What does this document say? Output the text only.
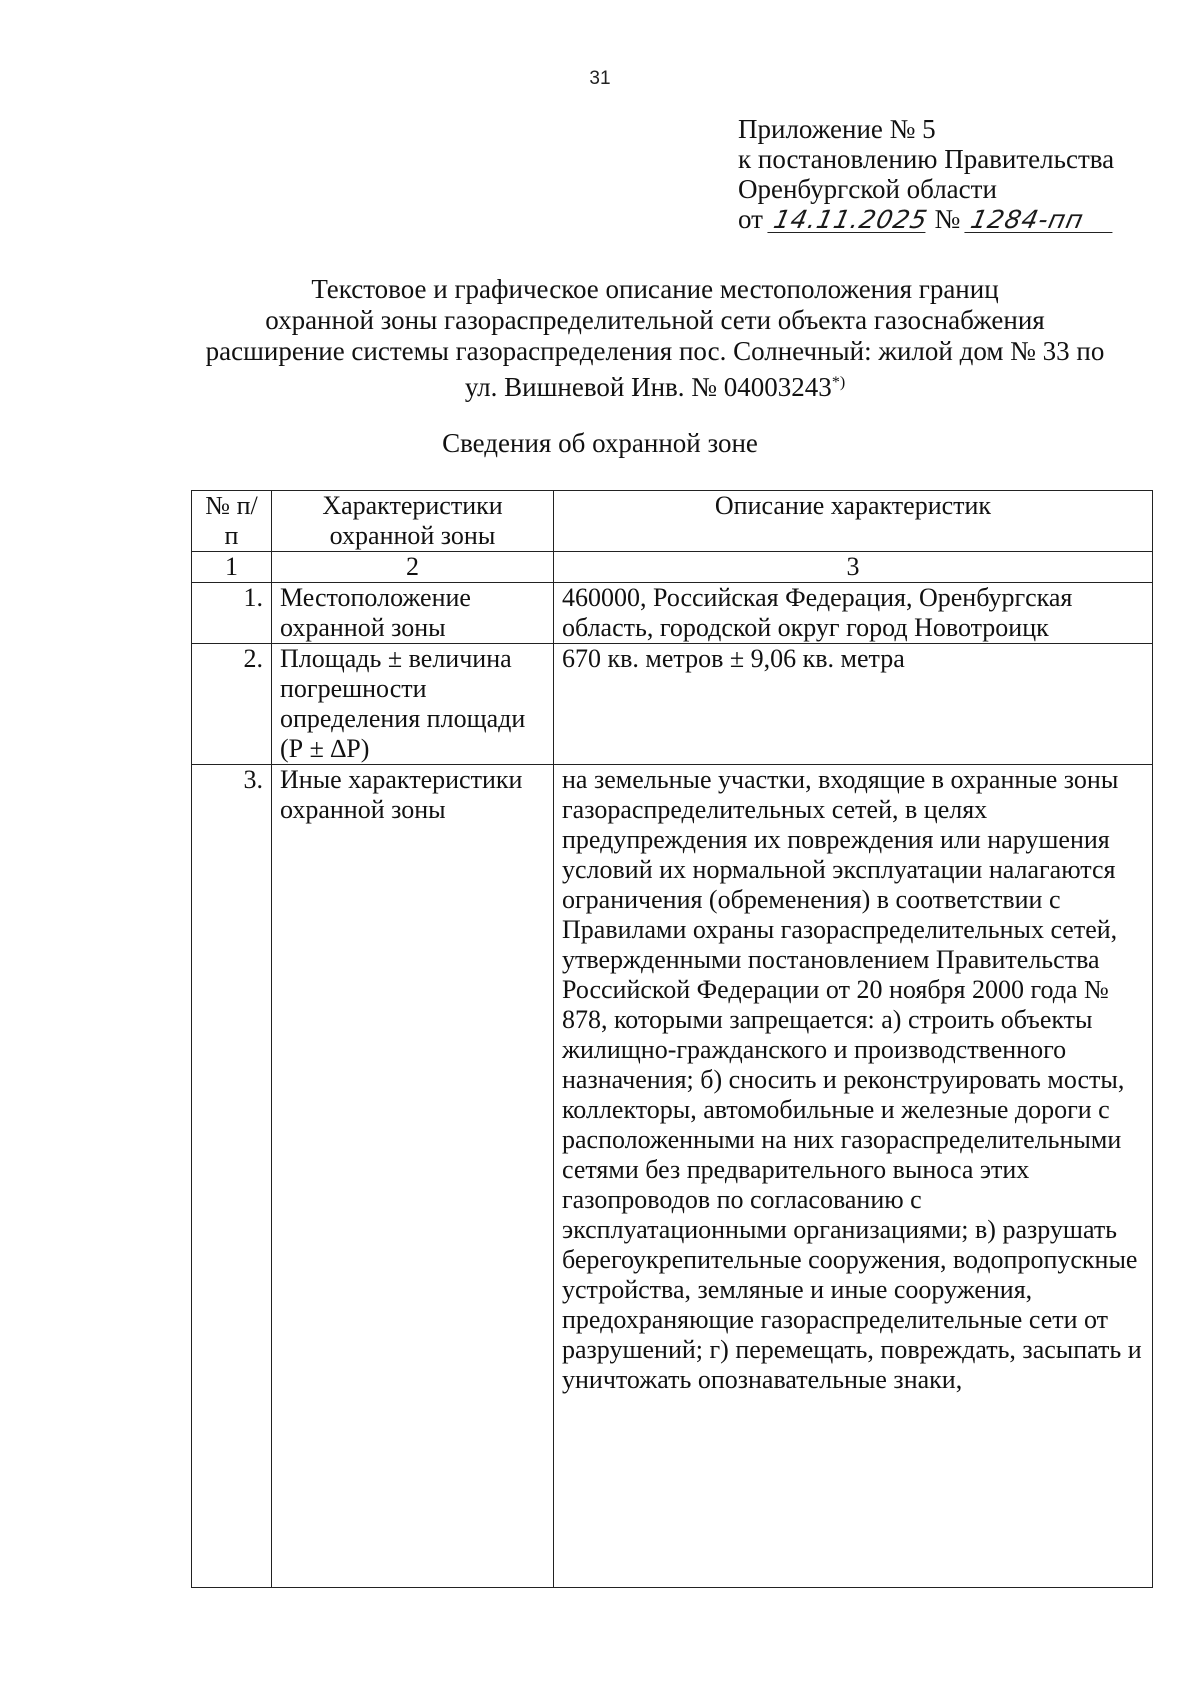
31
Приложение № 5
к постановлению Правительства
Оренбургской области
от 14.11.2025 № 1284-пп
Текстовое и графическое описание местоположения границ
охранной зоны газораспределительной сети объекта газоснабжения
расширение системы газораспределения пос. Солнечный: жилой дом № 33 по
ул. Вишневой Инв. № 04003243*)
Сведения об охранной зоне
№ п/п	Характеристики охранной зоны	Описание характеристик
1	2	3
1.	Местоположение охранной зоны	460000, Российская Федерация, Оренбургская область, городской округ город Новотроицк
2.	Площадь ± величина погрешности определения площади (Р ± ∆Р)	670 кв. метров ± 9,06 кв. метра
3.	Иные характеристики охранной зоны	на земельные участки, входящие в охранные зоны газораспределительных сетей, в целях предупреждения их повреждения или нарушения условий их нормальной эксплуатации налагаются ограничения (обременения) в соответствии с Правилами охраны газораспределительных сетей, утвержденными постановлением Правительства Российской Федерации от 20 ноября 2000 года № 878, которыми запрещается: а) строить объекты жилищно-гражданского и производственного назначения; б) сносить и реконструировать мосты, коллекторы, автомобильные и железные дороги с расположенными на них газораспределительными сетями без предварительного выноса этих газопроводов по согласованию с эксплуатационными организациями; в) разрушать берегоукрепительные сооружения, водопропускные устройства, земляные и иные сооружения, предохраняющие газораспределительные сети от разрушений; г) перемещать, повреждать, засыпать и уничтожать опознавательные знаки,
